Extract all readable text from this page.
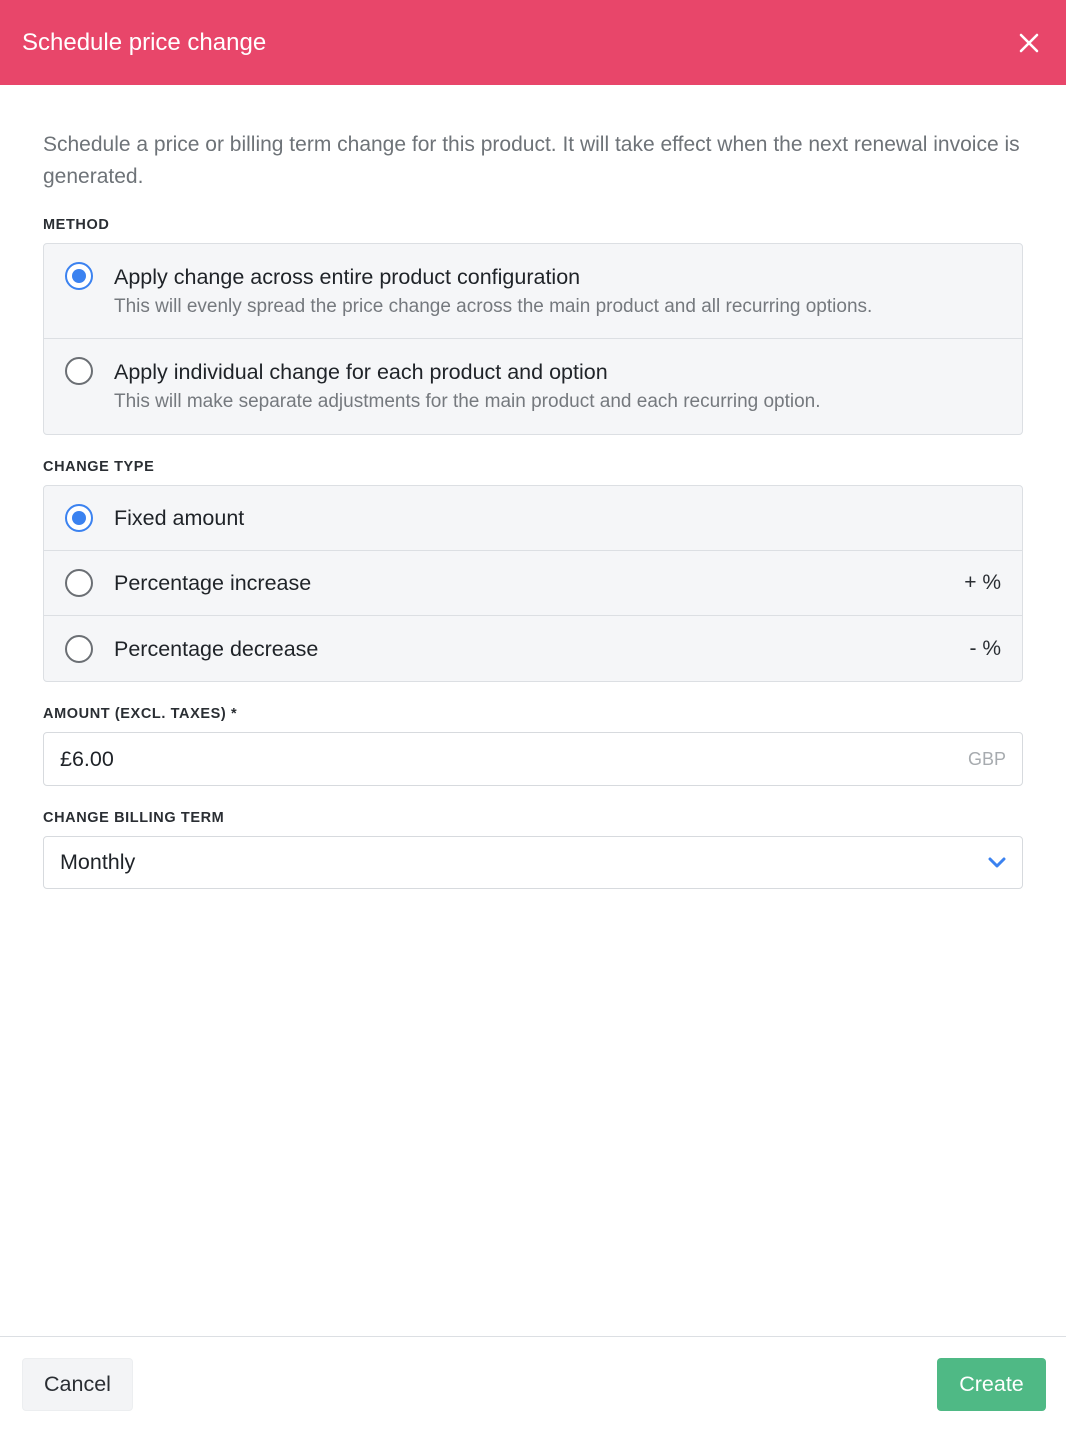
Schedule price change

Schedule a price or billing term change for this product. It will take effect when the next renewal invoice is generated.

METHOD
Apply change across entire product configuration
This will evenly spread the price change across the main product and all recurring options.
Apply individual change for each product and option
This will make separate adjustments for the main product and each recurring option.
CHANGE TYPE
Fixed amount
Percentage increase	+ %
Percentage decrease	- %
AMOUNT (EXCL. TAXES) *
£6.00	GBP
CHANGE BILLING TERM
Monthly
Cancel	Create
